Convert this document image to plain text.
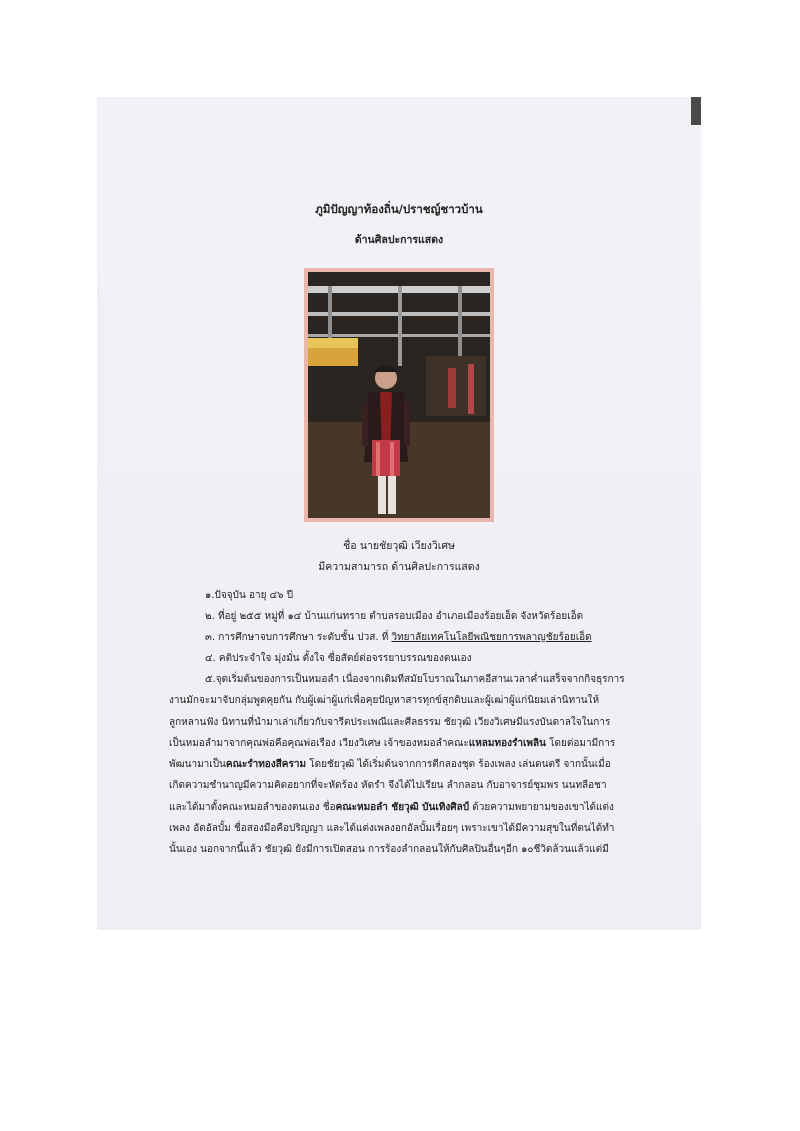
ภูมิปัญญาท้องถิ่น/ปราชญ์ชาวบ้าน
ด้านศิลปะการแสดง
ชื่อ นายชัยวุฒิ เวียงวิเศษ
มีความสามารถ ด้านศิลปะการแสดง
๑.ปัจจุบัน อายุ ๔๖ ปี
๒. ที่อยู่ ๒๕๕ หมู่ที่ ๑๔ บ้านแก่นทราย ตำบลรอบเมือง อำเภอเมืองร้อยเอ็ด จังหวัดร้อยเอ็ด
๓. การศึกษาจบการศึกษา ระดับชั้น ปวส. ที่ วิทยาลัยเทคโนโลยีพณิชยการพลาญชัยร้อยเอ็ด
๔. คติประจำใจ มุ่งมั่น ตั้งใจ ซื่อสัตย์ต่อจรรยาบรรณของตนเอง
๕.จุดเริ่มต้นของการเป็นหมอลำ เนื่องจากเดิมทีสมัยโบราณในภาคอีสานเวลาค่ำแสร็จจากกิจธุรการ
งานมักจะมาจับกลุ่มพูดคุยกัน กับผู้เฒ่าผู้แก่เพื่อคุยปัญหาสารทุกข์สุกดิบและผู้เฒ่าผู้แก่นิยมเล่านิทานให้
ลูกหลานฟัง นิทานที่นำมาเล่าเกี่ยวกับจารีตประเพณีและศีลธรรม ชัยวุฒิ เวียงวิเศษมีแรงบันดาลใจในการ
เป็นหมอลำมาจากคุณพ่อคือคุณพ่อเรือง เวียงวิเศษ เจ้าของหมอลำคณะแหลมทองรำเพลิน โดยต่อมามีการ
พัฒนามาเป็นคณะรำทองสีคราม โดยชัยวุฒิ ได้เริ่มต้นจากการตีกลองชุด ร้องเพลง เล่นดนตรี จากนั้นเมื่อ
เกิดความชำนาญมีความคิดอยากที่จะหัดร้อง หัดรำ จึงได้ไปเรียน ลำกลอน กับอาจารย์ชุมพร นนทลือชา
และได้มาตั้งคณะหมอลำของตนเอง ชื่อคณะหมอลำ ชัยวุฒิ บันเทิงศิลป์ ด้วยความพยายามของเขาได้แต่ง
เพลง อัดอัลบั้ม ชื่อสองมือคือปริญญา และได้แต่งเพลงอกอัลบั้มเรื่อยๆ เพราะเขาได้มีความสุขในที่ตนได้ทำ
นั้นเอง นอกจากนี้แล้ว ชัยวุฒิ ยังมีการเปิดสอน การร้องลำกลอนให้กับศิลปินอื่นๆอีก ๑๐ชีวิตล้วนแล้วแต่มี
